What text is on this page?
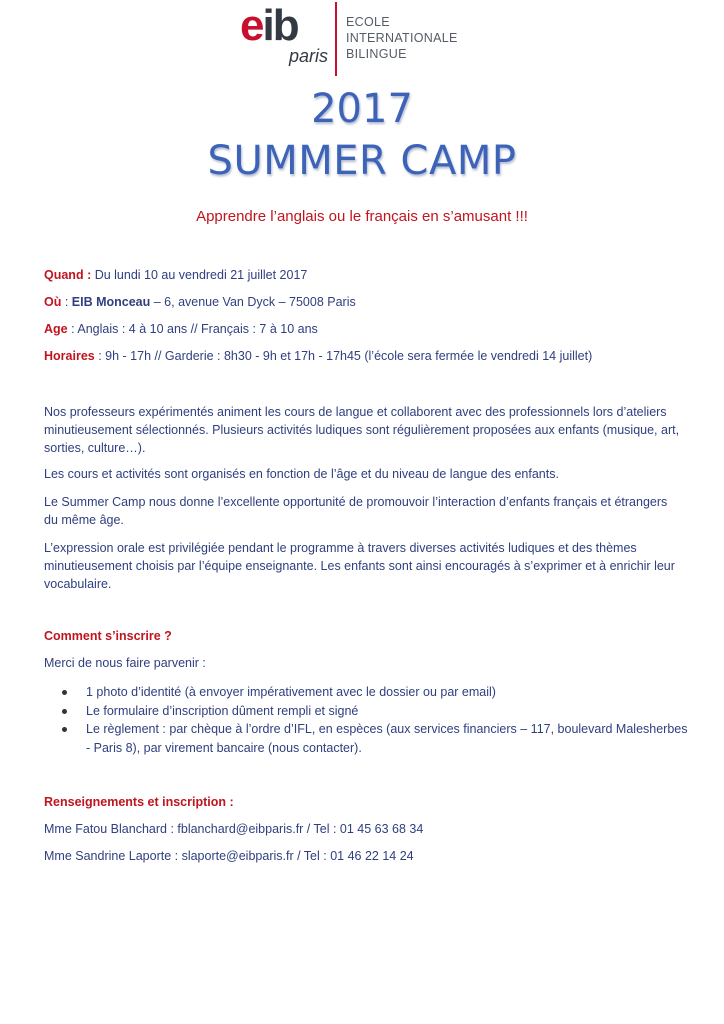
eib
paris
ECOLE
INTERNATIONALE
BILINGUE
2017
SUMMER CAMP
Apprendre l’anglais ou le français en s’amusant !!!
Quand : Du lundi 10 au vendredi 21 juillet 2017
Où : EIB Monceau – 6, avenue Van Dyck – 75008 Paris
Age : Anglais : 4 à 10 ans // Français : 7 à 10 ans
Horaires : 9h - 17h // Garderie : 8h30 - 9h et 17h - 17h45 (l’école sera fermée le vendredi 14 juillet)
Nos professeurs expérimentés animent les cours de langue et collaborent avec des professionnels lors d’ateliers minutieusement sélectionnés. Plusieurs activités ludiques sont régulièrement proposées aux enfants (musique, art, sorties, culture…).
Les cours et activités sont organisés en fonction de l’âge et du niveau de langue des enfants.
Le Summer Camp nous donne l’excellente opportunité de promouvoir l’interaction d’enfants français et étrangers du même âge.
L’expression orale est privilégiée pendant le programme à travers diverses activités ludiques et des thèmes minutieusement choisis par l’équipe enseignante. Les enfants sont ainsi encouragés à s’exprimer et à enrichir leur vocabulaire.
Comment s’inscrire ?
Merci de nous faire parvenir :
1 photo d’identité (à envoyer impérativement avec le dossier ou par email)
Le formulaire d’inscription dûment rempli et signé
Le règlement : par chèque à l’ordre d’IFL, en espèces (aux services financiers – 117, boulevard Malesherbes - Paris 8), par virement bancaire (nous contacter).
Renseignements et inscription :
Mme Fatou Blanchard : fblanchard@eibparis.fr / Tel : 01 45 63 68 34
Mme Sandrine Laporte : slaporte@eibparis.fr / Tel : 01 46 22 14 24
